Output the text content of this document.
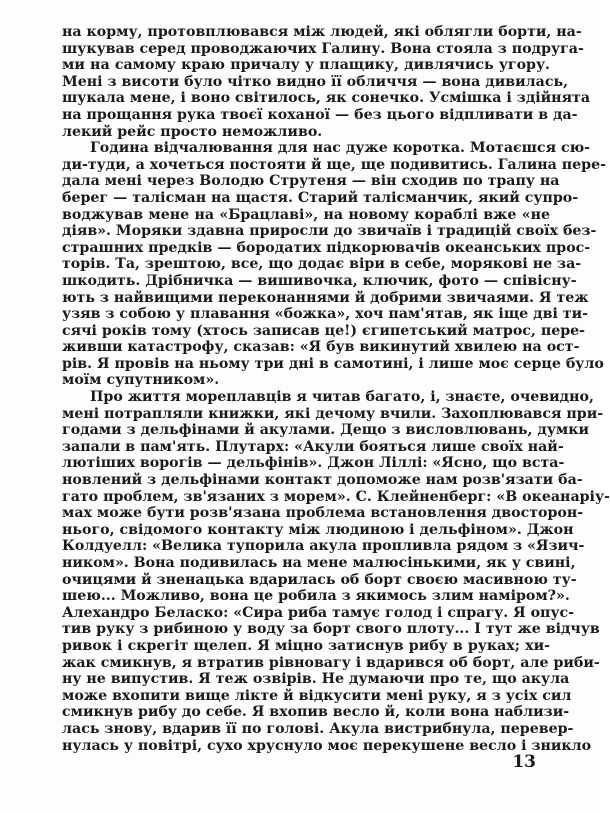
на корму, протовплювався між людей, які облягли борти, на-
шукував серед проводжаючих Галину. Вона стояла з подруга-
ми на самому краю причалу у плащику, дивлячись угору.
Мені з висоти було чітко видно її обличчя — вона дивилась,
шукала мене, і воно світилось, як сонечко. Усмішка і здійнята
на прощання рука твоєї коханої — без цього відпливати в да-
лекий рейс просто неможливо.
Година відчалювання для нас дуже коротка. Мотаєшся сю-
ди-туди, а хочеться постояти й ще, ще подивитись. Галина пере-
дала мені через Володю Струтеня — він сходив по трапу на
берег — талісман на щастя. Старий талісманчик, який супро-
воджував мене на «Брацлаві», на новому кораблі вже «не
діяв». Моряки здавна приросли до звичаїв і традицій своїх без-
страшних предків — бородатих підкорювачів океанських прос-
торів. Та, зрештою, все, що додає віри в себе, морякові не за-
шкодить. Дрібничка — вишивочка, ключик, фото — співісну-
ють з найвищими переконаннями й добрими звичаями. Я теж
узяв з собою у плавання «божка», хоч пам'ятав, як іще дві ти-
сячі років тому (хтось записав це!) єгипетський матрос, пере-
живши катастрофу, сказав: «Я був викинутий хвилею на ост-
рів. Я провів на ньому три дні в самотині, і лише моє серце було
моїм супутником».
Про життя мореплавців я читав багато, і, знаєте, очевидно,
мені потрапляли книжки, які дечому вчили. Захоплювався при-
годами з дельфінами й акулами. Дещо з висловлювань, думки
запали в пам'ять. Плутарх: «Акули бояться лише своїх най-
лютіших ворогів — дельфінів». Джон Ліллі: «Ясно, що вста-
новлений з дельфінами контакт допоможе нам розв'язати ба-
гато проблем, зв'язаних з морем». С. Клейненберг: «В океанаріу-
мах може бути розв'язана проблема встановлення двосторон-
нього, свідомого контакту між людиною і дельфіном». Джон
Колдуелл: «Велика тупорила акула пропливла рядом з «Язич-
ником». Вона подивилась на мене малюсінькими, як у свині,
очицями й зненацька вдарилась об борт своєю масивною ту-
шею... Можливо, вона це робила з якимось злим наміром?».
Алехандро Беласко: «Сира риба тамує голод і спрагу. Я опус-
тив руку з рибиною у воду за борт свого плоту... І тут же відчув
ривок і скрегіт щелеп. Я міцно затиснув рибу в руках; хи-
жак смикнув, я втратив рівновагу і вдарився об борт, але риби-
ну не випустив. Я теж озвірів. Не думаючи про те, що акула
може вхопити вище лікте й відкусити мені руку, я з усіх сил
смикнув рибу до себе. Я вхопив весло й, коли вона наблизи-
лась знову, вдарив її по голові. Акула вистрибнула, перевер-
нулась у повітрі, сухо хруснуло моє перекушене весло і зникло
13
